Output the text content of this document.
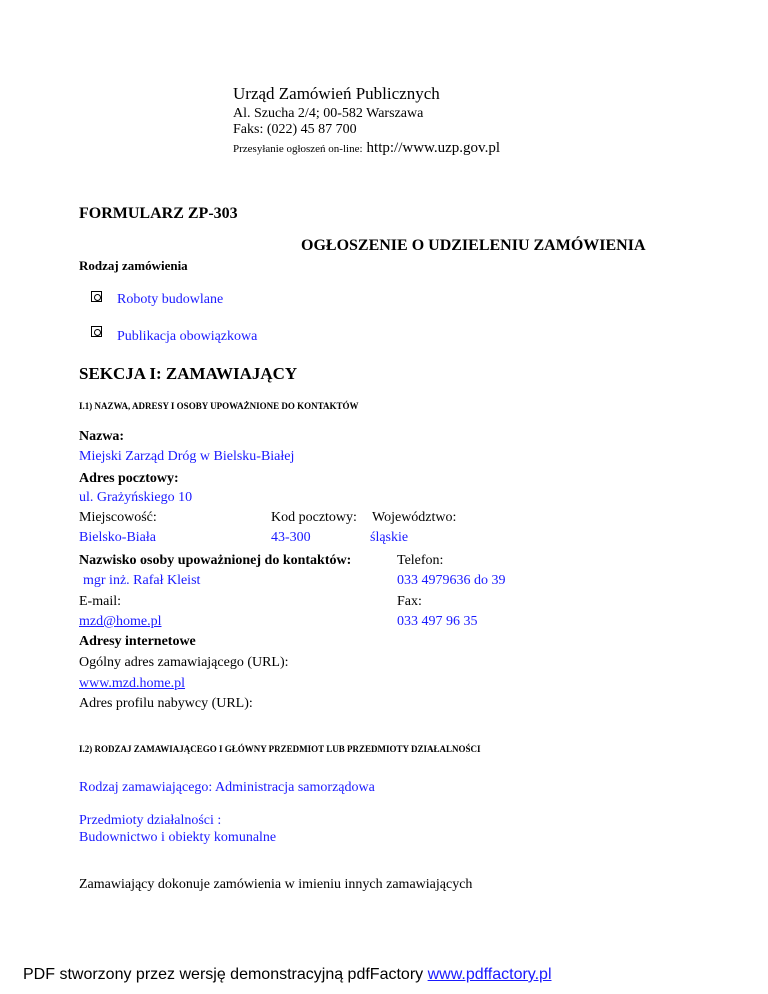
Urząd Zamówień Publicznych
Al. Szucha 2/4; 00-582 Warszawa
Faks: (022) 45 87 700
Przesyłanie ogłoszeń on-line: http://www.uzp.gov.pl
FORMULARZ ZP-303
OGŁOSZENIE O UDZIELENIU ZAMÓWIENIA
Rodzaj zamówienia
Roboty budowlane
Publikacja obowiązkowa
SEKCJA I: ZAMAWIAJĄCY
I.1) NAZWA, ADRESY I OSOBY UPOWAŻNIONE DO KONTAKTÓW
Nazwa:
Miejski Zarząd Dróg w Bielsku-Białej
Adres pocztowy:
ul. Grażyńskiego 10
Miejscowość:	Kod pocztowy: Województwo:
Bielsko-Biała	43-300	śląskie
Nazwisko osoby upoważnionej do kontaktów:	Telefon:
mgr inż. Rafał Kleist	033 4979636 do 39
E-mail:	Fax:
mzd@home.pl	033 497 96 35
Adresy internetowe
Ogólny adres zamawiającego (URL):
www.mzd.home.pl
Adres profilu nabywcy (URL):
I.2) RODZAJ ZAMAWIAJĄCEGO I GŁÓWNY PRZEDMIOT LUB PRZEDMIOTY DZIAŁALNOŚCI
Rodzaj zamawiającego: Administracja samorządowa
Przedmioty działalności :
Budownictwo i obiekty komunalne
Zamawiający dokonuje zamówienia w imieniu innych zamawiających
PDF stworzony przez wersję demonstracyjną pdfFactory www.pdffactory.pl
